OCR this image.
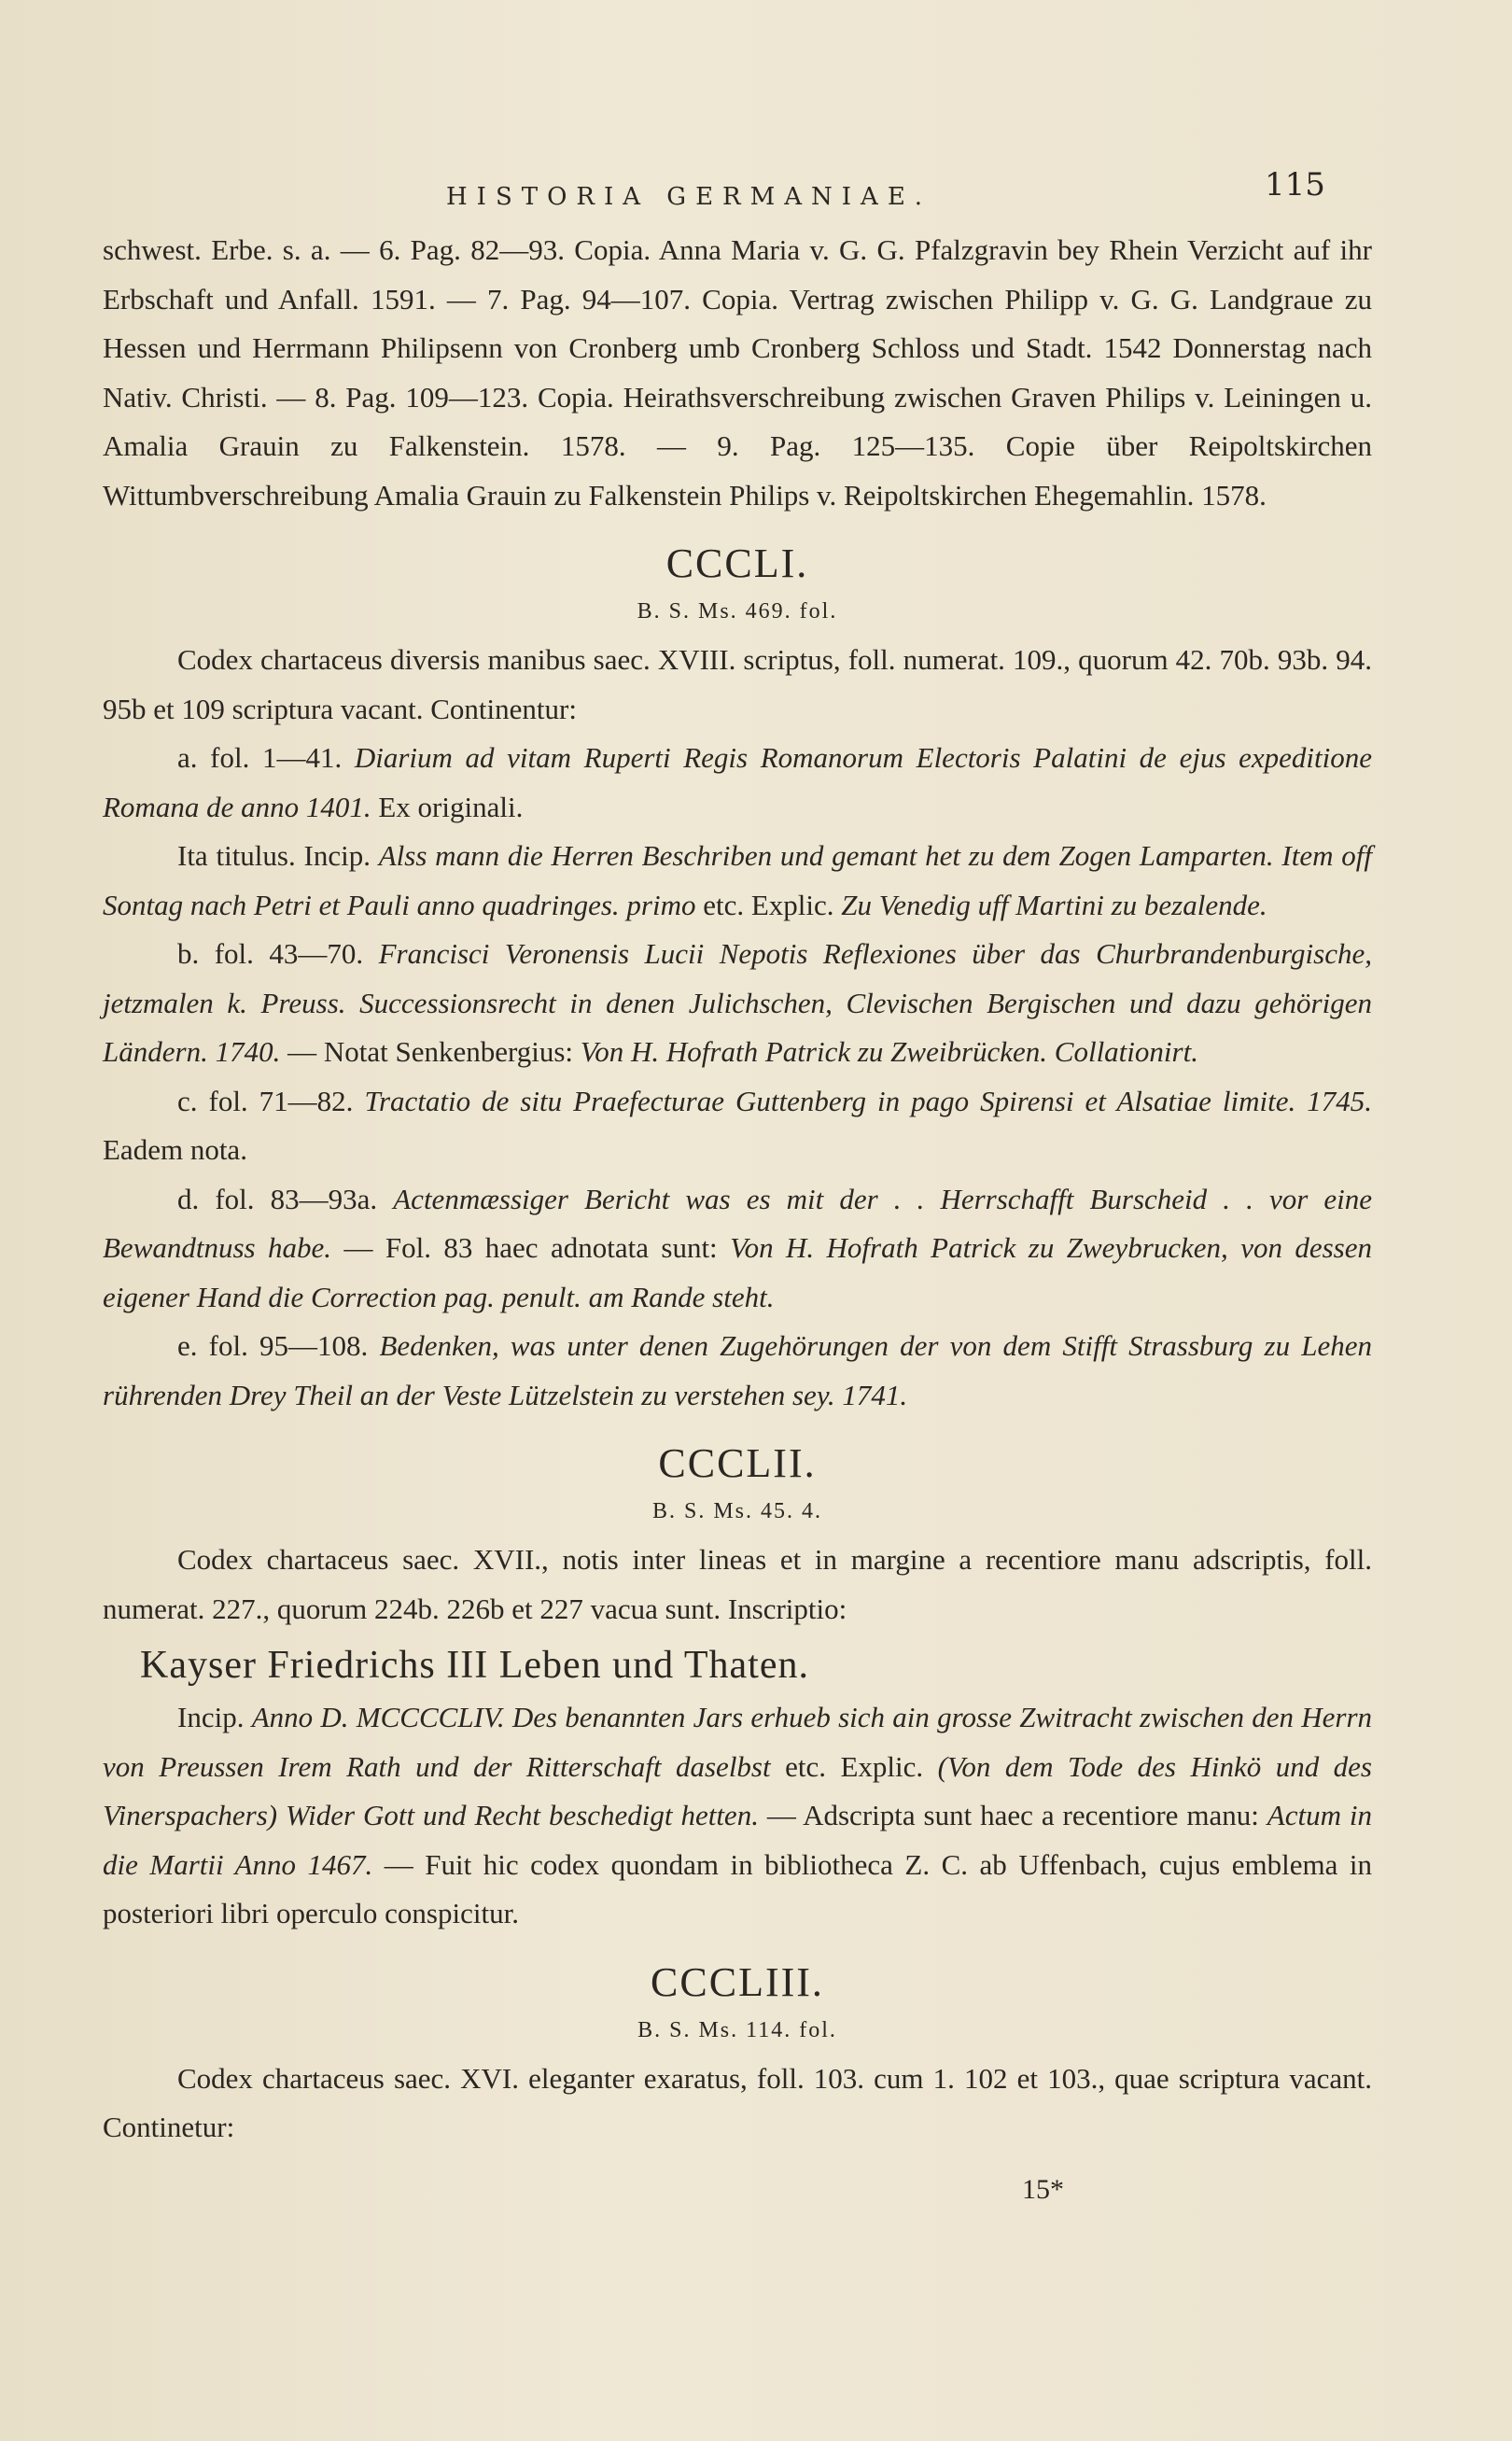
HISTORIA GERMANIAE.	115

schwest. Erbe. s. a. — 6. Pag. 82—93. Copia. Anna Maria v. G. G. Pfalzgravin bey Rhein Verzicht auf ihr Erbschaft und Anfall. 1591. — 7. Pag. 94—107. Copia. Vertrag zwischen Philipp v. G. G. Landgraue zu Hessen und Herrmann Philipsenn von Cronberg umb Cronberg Schloss und Stadt. 1542 Donnerstag nach Nativ. Christi. — 8. Pag. 109—123. Copia. Heirathsverschreibung zwischen Graven Philips v. Leiningen u. Amalia Grauin zu Falkenstein. 1578. — 9. Pag. 125—135. Copie über Reipoltskirchen Wittumbverschreibung Amalia Grauin zu Falkenstein Philips v. Reipoltskirchen Ehegemahlin. 1578.

CCCLI.
B. S. Ms. 469. fol.

Codex chartaceus diversis manibus saec. XVIII. scriptus, foll. numerat. 109., quorum 42. 70b. 93b. 94. 95b et 109 scriptura vacant. Continentur:

a. fol. 1—41. Diarium ad vitam Ruperti Regis Romanorum Electoris Palatini de ejus expeditione Romana de anno 1401. Ex originali.

Ita titulus. Incip. Alss mann die Herren Beschriben und gemant het zu dem Zogen Lamparten. Item off Sontag nach Petri et Pauli anno quadringes. primo etc. Explic. Zu Venedig uff Martini zu bezalende.

b. fol. 43—70. Francisci Veronensis Lucii Nepotis Reflexiones über das Churbrandenburgische, jetzmalen k. Preuss. Successionsrecht in denen Julichschen, Clevischen Bergischen und dazu gehörigen Ländern. 1740. — Notat Senkenbergius: Von H. Hofrath Patrick zu Zweibrücken. Collationirt.

c. fol. 71—82. Tractatio de situ Praefecturae Guttenberg in pago Spirensi et Alsatiae limite. 1745. Eadem nota.

d. fol. 83—93a. Actenmæssiger Bericht was es mit der . . Herrschafft Burscheid . . vor eine Bewandtnuss habe. — Fol. 83 haec adnotata sunt: Von H. Hofrath Patrick zu Zweybrucken, von dessen eigener Hand die Correction pag. penult. am Rande steht.

e. fol. 95—108. Bedenken, was unter denen Zugehörungen der von dem Stifft Strassburg zu Lehen rührenden Drey Theil an der Veste Lützelstein zu verstehen sey. 1741.

CCCLII.
B. S. Ms. 45. 4.

Codex chartaceus saec. XVII., notis inter lineas et in margine a recentiore manu adscriptis, foll. numerat. 227., quorum 224b. 226b et 227 vacua sunt. Inscriptio:

Kayser Friedrichs III Leben und Thaten.

Incip. Anno D. MCCCCLIV. Des benannten Jars erhueb sich ain grosse Zwitracht zwischen den Herrn von Preussen Irem Rath und der Ritterschaft daselbst etc. Explic. (Von dem Tode des Hinkö und des Vinerspachers) Wider Gott und Recht beschedigt hetten. — Adscripta sunt haec a recentiore manu: Actum in die Martii Anno 1467. — Fuit hic codex quondam in bibliotheca Z. C. ab Uffenbach, cujus emblema in posteriori libri operculo conspicitur.

CCCLIII.
B. S. Ms. 114. fol.

Codex chartaceus saec. XVI. eleganter exaratus, foll. 103. cum 1. 102 et 103., quae scriptura vacant. Continetur:

15*
